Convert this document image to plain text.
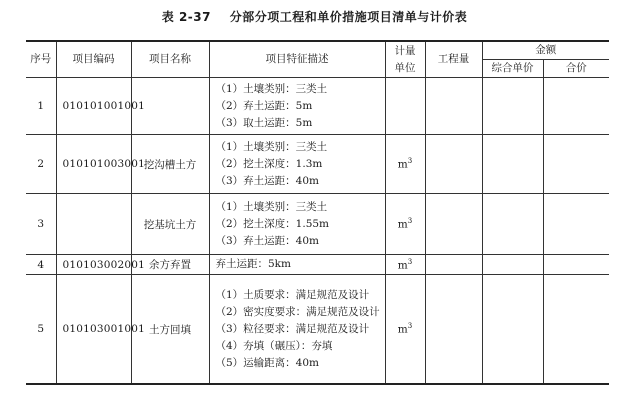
表 2-37 分部分项工程和单价措施项目清单与计价表
序号	项目编码	项目名称	项目特征描述	计量单位	工程量	金额	
						综合单价	合价
1	010101001001		（1）土壤类别：三类土
（2）弃土运距：5m
（3）取土运距：5m				

2	010101003001	挖沟槽土方	（1）土壤类别：三类土
（2）挖土深度：1.3m
（3）弃土运距：40m	$m^3$			
3		挖基坑土方	（1）土壤类别：三类土
（2）挖土深度：1.55m
（3）弃土运距：40m	$m^3$			
4	010103002001	余方弃置	弃土运距：5km	$m^3$			
5	010103001001	土方回填	（1）土质要求：满足规范及设计
（2）密实度要求：满足规范及设计
（3）粒径要求：满足规范及设计
（4）夯填（碾压）：夯填
（5）运输距离：40m	$m^3$			
